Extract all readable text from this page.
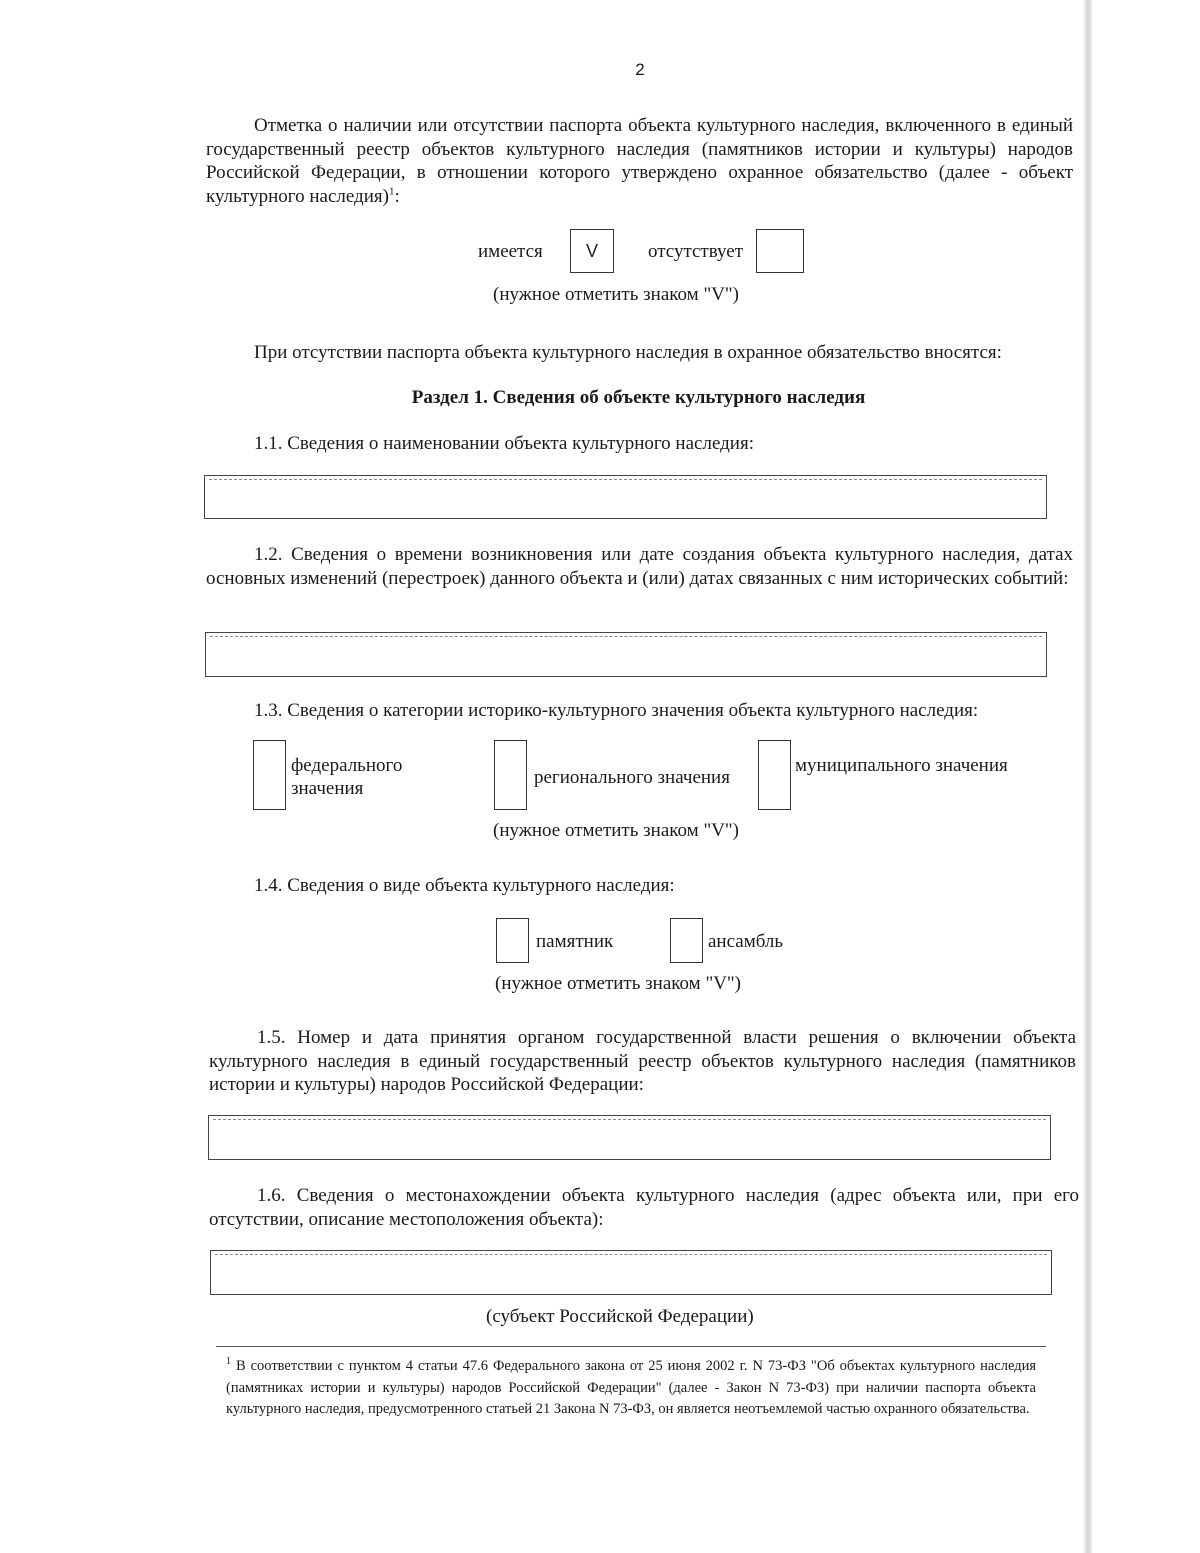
2

Отметка о наличии или отсутствии паспорта объекта культурного наследия, включенного в единый государственный реестр объектов культурного наследия (памятников истории и культуры) народов Российской Федерации, в отношении которого утверждено охранное обязательство (далее - объект культурного наследия)$^1$:

имеется	V	отсутствует
(нужное отметить знаком "V")

При отсутствии паспорта объекта культурного наследия в охранное обязательство вносятся:

Раздел 1. Сведения об объекте культурного наследия

1.1. Сведения о наименовании объекта культурного наследия:

1.2. Сведения о времени возникновения или дате создания объекта культурного наследия, датах основных изменений (перестроек) данного объекта и (или) датах связанных с ним исторических событий:

1.3. Сведения о категории историко-культурного значения объекта культурного наследия:

федерального
значения
регионального значения
муниципального значения
(нужное отметить знаком "V")

1.4. Сведения о виде объекта культурного наследия:

памятник	ансамбль
(нужное отметить знаком "V")

1.5. Номер и дата принятия органом государственной власти решения о включении объекта культурного наследия в единый государственный реестр объектов культурного наследия (памятников истории и культуры) народов Российской Федерации:

1.6. Сведения о местонахождении объекта культурного наследия (адрес объекта или, при его отсутствии, описание местоположения объекта):

(субъект Российской Федерации)

$^1$ В соответствии с пунктом 4 статьи 47.6 Федерального закона от 25 июня 2002 г. N 73-ФЗ "Об объектах культурного наследия (памятниках истории и культуры) народов Российской Федерации" (далее - Закон N 73-ФЗ) при наличии паспорта объекта культурного наследия, предусмотренного статьей 21 Закона N 73-ФЗ, он является неотъемлемой частью охранного обязательства.
